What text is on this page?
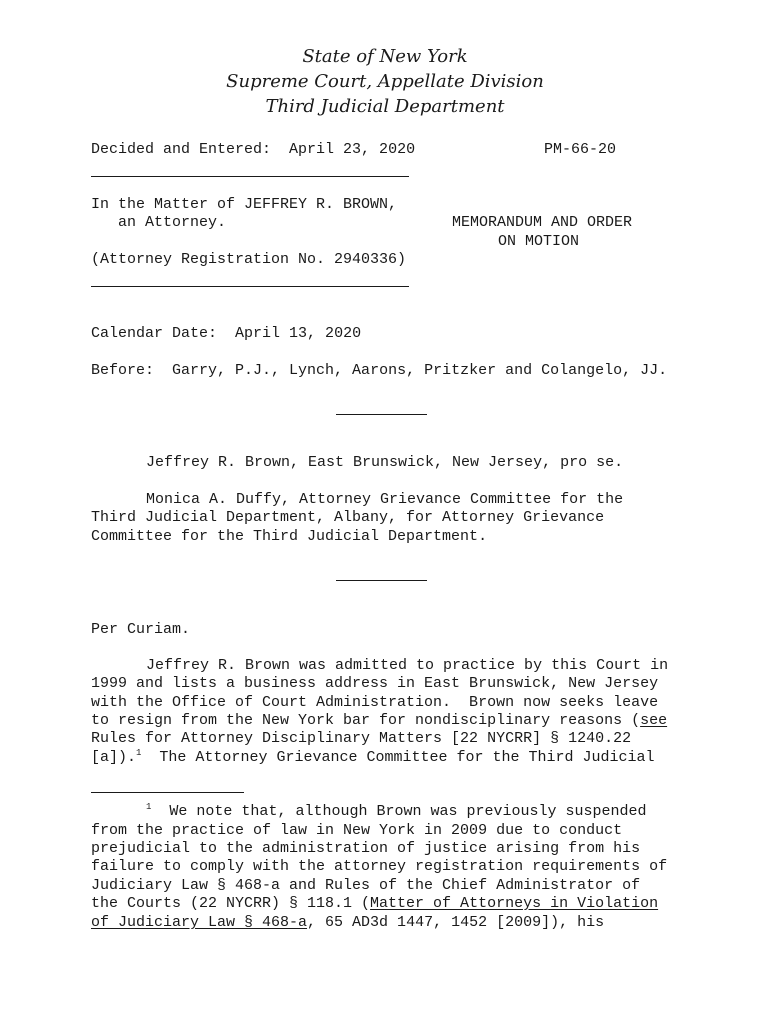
State of New York
Supreme Court, Appellate Division
Third Judicial Department
Decided and Entered: April 23, 2020	PM-66-20
In the Matter of JEFFREY R. BROWN,
an Attorney.
(Attorney Registration No. 2940336)
MEMORANDUM AND ORDER
ON MOTION
Calendar Date: April 13, 2020
Before: Garry, P.J., Lynch, Aarons, Pritzker and Colangelo, JJ.
Jeffrey R. Brown, East Brunswick, New Jersey, pro se.
Monica A. Duffy, Attorney Grievance Committee for the
Third Judicial Department, Albany, for Attorney Grievance
Committee for the Third Judicial Department.
Per Curiam.
Jeffrey R. Brown was admitted to practice by this Court in
1999 and lists a business address in East Brunswick, New Jersey
with the Office of Court Administration.  Brown now seeks leave
to resign from the New York bar for nondisciplinary reasons (see
Rules for Attorney Disciplinary Matters [22 NYCRR] § 1240.22
[a]).$^1$  The Attorney Grievance Committee for the Third Judicial
$^1$ We note that, although Brown was previously suspended
from the practice of law in New York in 2009 due to conduct
prejudicial to the administration of justice arising from his
failure to comply with the attorney registration requirements of
Judiciary Law § 468-a and Rules of the Chief Administrator of
the Courts (22 NYCRR) § 118.1 (Matter of Attorneys in Violation
of Judiciary Law § 468-a, 65 AD3d 1447, 1452 [2009]), his
